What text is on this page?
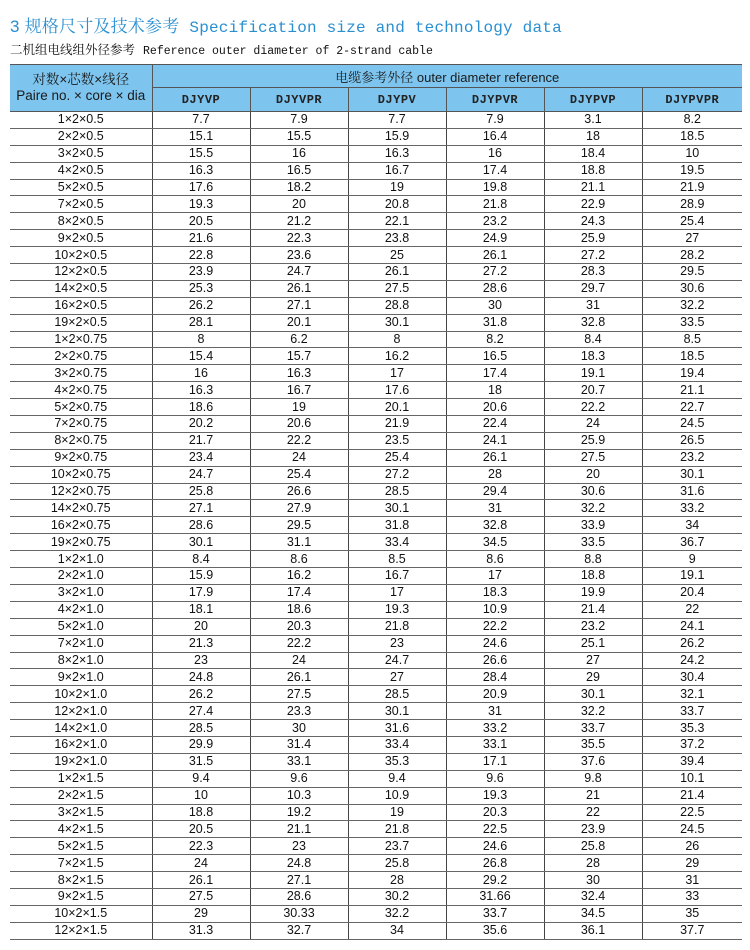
3 规格尺寸及技术参考 Specification size and technology data
二机组电线组外径参考 Reference outer diameter of 2-strand cable
对数×芯数×线径
Paire no. × core × dia	电缆参考外径 outer diameter reference					
	DJYVP	DJYVPR	DJYPV	DJYPVR	DJYPVP	DJYPVPR
1×2×0.5	7.7	7.9	7.7	7.9	3.1	8.2
2×2×0.5	15.1	15.5	15.9	16.4	18	18.5
3×2×0.5	15.5	16	16.3	16	18.4	10
4×2×0.5	16.3	16.5	16.7	17.4	18.8	19.5
5×2×0.5	17.6	18.2	19	19.8	21.1	21.9
7×2×0.5	19.3	20	20.8	21.8	22.9	28.9
8×2×0.5	20.5	21.2	22.1	23.2	24.3	25.4
9×2×0.5	21.6	22.3	23.8	24.9	25.9	27
10×2×0.5	22.8	23.6	25	26.1	27.2	28.2
12×2×0.5	23.9	24.7	26.1	27.2	28.3	29.5
14×2×0.5	25.3	26.1	27.5	28.6	29.7	30.6
16×2×0.5	26.2	27.1	28.8	30	31	32.2
19×2×0.5	28.1	20.1	30.1	31.8	32.8	33.5
1×2×0.75	8	6.2	8	8.2	8.4	8.5
2×2×0.75	15.4	15.7	16.2	16.5	18.3	18.5
3×2×0.75	16	16.3	17	17.4	19.1	19.4
4×2×0.75	16.3	16.7	17.6	18	20.7	21.1
5×2×0.75	18.6	19	20.1	20.6	22.2	22.7
7×2×0.75	20.2	20.6	21.9	22.4	24	24.5
8×2×0.75	21.7	22.2	23.5	24.1	25.9	26.5
9×2×0.75	23.4	24	25.4	26.1	27.5	23.2
10×2×0.75	24.7	25.4	27.2	28	20	30.1
12×2×0.75	25.8	26.6	28.5	29.4	30.6	31.6
14×2×0.75	27.1	27.9	30.1	31	32.2	33.2
16×2×0.75	28.6	29.5	31.8	32.8	33.9	34
19×2×0.75	30.1	31.1	33.4	34.5	33.5	36.7
1×2×1.0	8.4	8.6	8.5	8.6	8.8	9
2×2×1.0	15.9	16.2	16.7	17	18.8	19.1
3×2×1.0	17.9	17.4	17	18.3	19.9	20.4
4×2×1.0	18.1	18.6	19.3	10.9	21.4	22
5×2×1.0	20	20.3	21.8	22.2	23.2	24.1
7×2×1.0	21.3	22.2	23	24.6	25.1	26.2
8×2×1.0	23	24	24.7	26.6	27	24.2
9×2×1.0	24.8	26.1	27	28.4	29	30.4
10×2×1.0	26.2	27.5	28.5	20.9	30.1	32.1
12×2×1.0	27.4	23.3	30.1	31	32.2	33.7
14×2×1.0	28.5	30	31.6	33.2	33.7	35.3
16×2×1.0	29.9	31.4	33.4	33.1	35.5	37.2
19×2×1.0	31.5	33.1	35.3	17.1	37.6	39.4
1×2×1.5	9.4	9.6	9.4	9.6	9.8	10.1
2×2×1.5	10	10.3	10.9	19.3	21	21.4
3×2×1.5	18.8	19.2	19	20.3	22	22.5
4×2×1.5	20.5	21.1	21.8	22.5	23.9	24.5
5×2×1.5	22.3	23	23.7	24.6	25.8	26
7×2×1.5	24	24.8	25.8	26.8	28	29
8×2×1.5	26.1	27.1	28	29.2	30	31
9×2×1.5	27.5	28.6	30.2	31.66	32.4	33
10×2×1.5	29	30.33	32.2	33.7	34.5	35
12×2×1.5	31.3	32.7	34	35.6	36.1	37.7
